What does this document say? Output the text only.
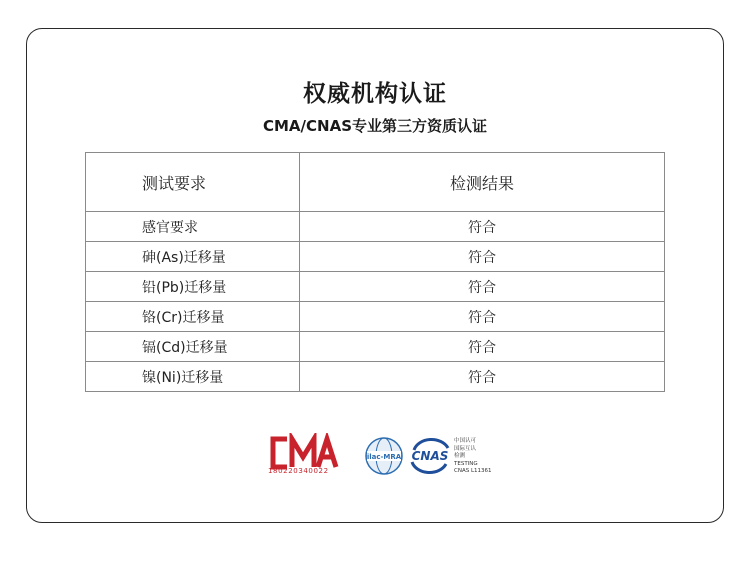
权威机构认证
CMA/CNAS专业第三方资质认证
测试要求	检测结果
感官要求	符合
砷(As)迁移量	符合
铅(Pb)迁移量	符合
铬(Cr)迁移量	符合
镉(Cd)迁移量	符合
镍(Ni)迁移量	符合
180220340022
ilac-MRA CNAS
中国认可
国际互认
检测
TESTING
CNAS L11361
